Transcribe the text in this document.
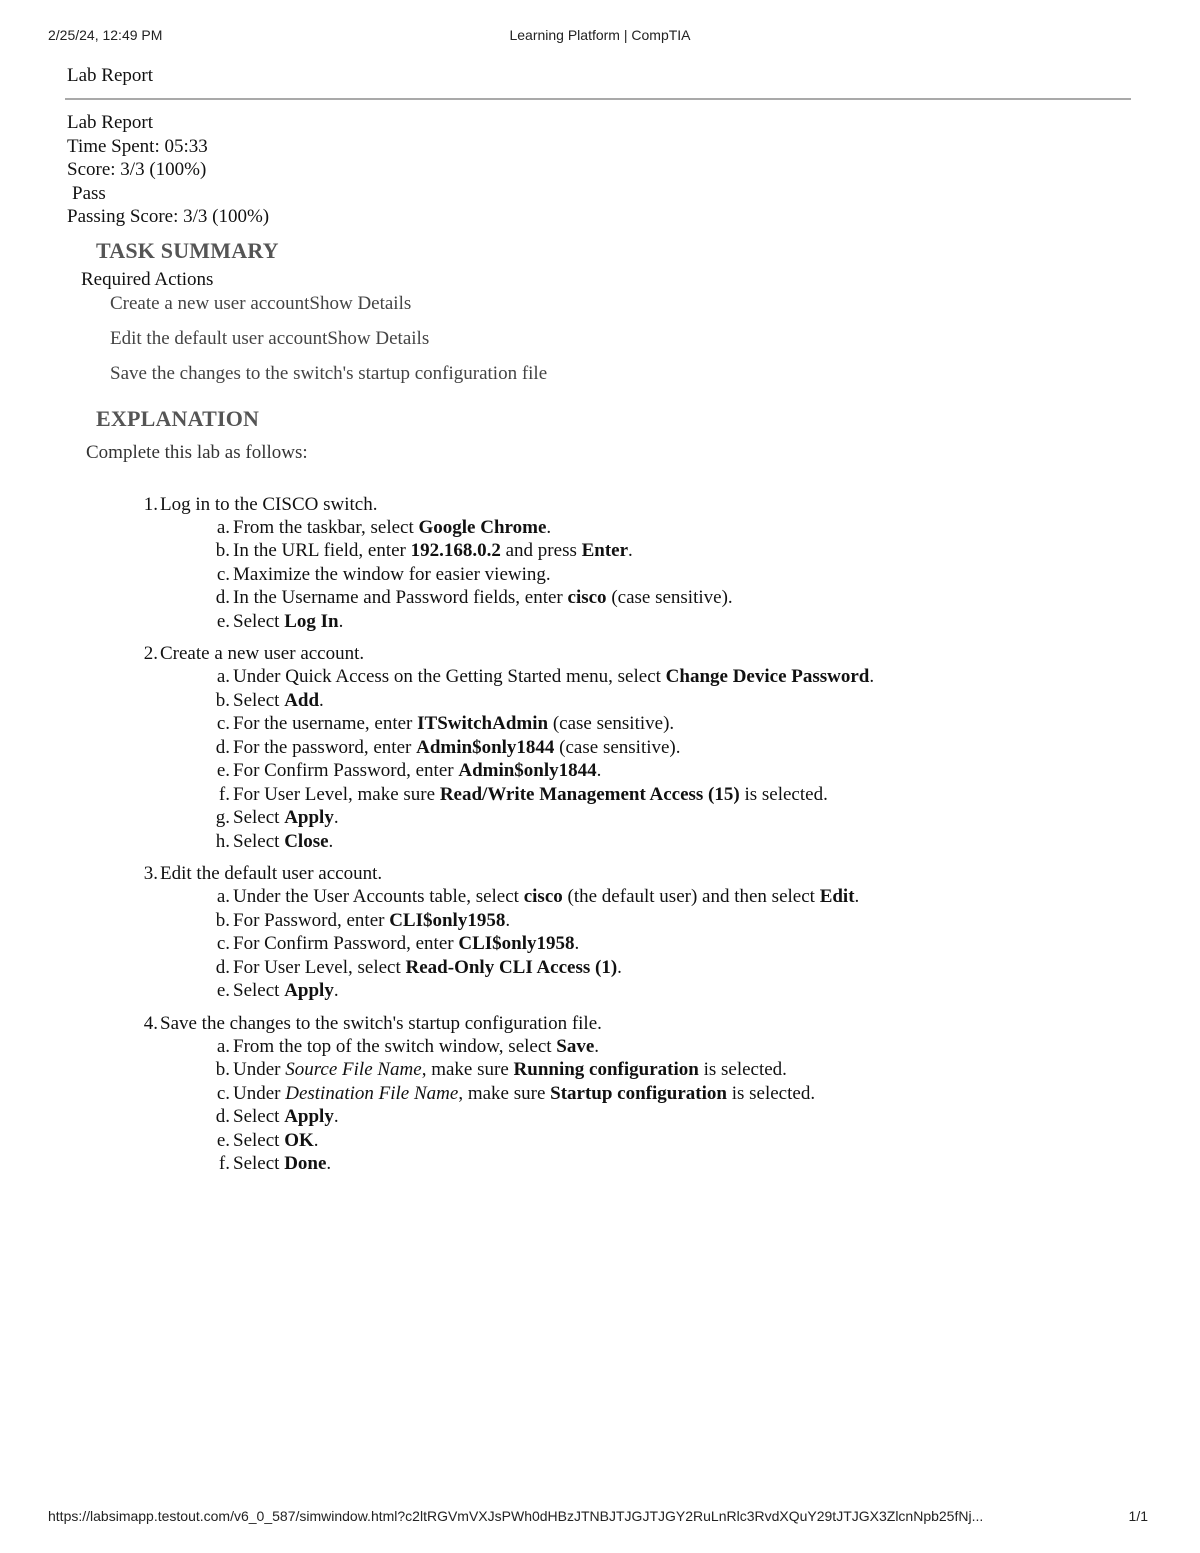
2/25/24, 12:49 PM	Learning Platform | CompTIA
Lab Report
Lab Report
Time Spent: 05:33
Score: 3/3 (100%)
Pass
Passing Score: 3/3 (100%)
TASK SUMMARY
Required Actions
Create a new user accountShow Details
Edit the default user accountShow Details
Save the changes to the switch's startup configuration file
EXPLANATION
Complete this lab as follows:
1. Log in to the CISCO switch.
a. From the taskbar, select Google Chrome.
b. In the URL field, enter 192.168.0.2 and press Enter.
c. Maximize the window for easier viewing.
d. In the Username and Password fields, enter cisco (case sensitive).
e. Select Log In.
2. Create a new user account.
a. Under Quick Access on the Getting Started menu, select Change Device Password.
b. Select Add.
c. For the username, enter ITSwitchAdmin (case sensitive).
d. For the password, enter Admin$only1844 (case sensitive).
e. For Confirm Password, enter Admin$only1844.
f. For User Level, make sure Read/Write Management Access (15) is selected.
g. Select Apply.
h. Select Close.
3. Edit the default user account.
a. Under the User Accounts table, select cisco (the default user) and then select Edit.
b. For Password, enter CLI$only1958.
c. For Confirm Password, enter CLI$only1958.
d. For User Level, select Read-Only CLI Access (1).
e. Select Apply.
4. Save the changes to the switch's startup configuration file.
a. From the top of the switch window, select Save.
b. Under Source File Name, make sure Running configuration is selected.
c. Under Destination File Name, make sure Startup configuration is selected.
d. Select Apply.
e. Select OK.
f. Select Done.
https://labsimapp.testout.com/v6_0_587/simwindow.html?c2ltRGVmVXJsPWh0dHBzJTNBJTJGJTJGY2RuLnRlc3RvdXQuY29tJTJGX3ZlcnNpb25fNj...	1/1
